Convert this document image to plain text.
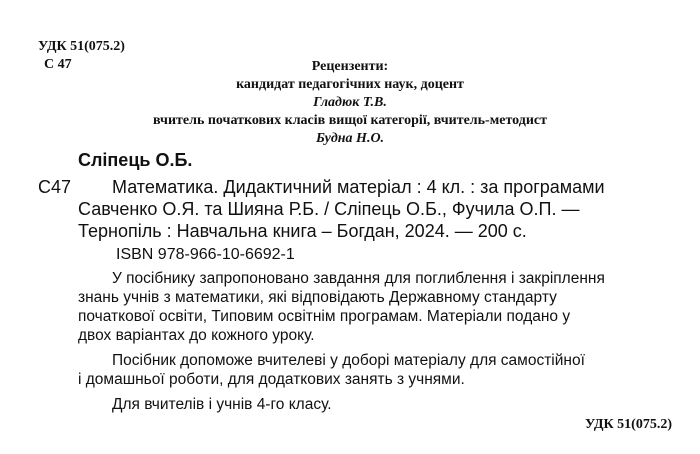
УДК 51(075.2)
С 47	Рецензенти:
кандидат педагогічних наук, доцент
Гладюк Т.В.
вчитель початкових класів вищої категорії, вчитель-методист
Будна Н.О.
Сліпець О.Б.
С47	Математика. Дидактичний матеріал : 4 кл. : за програмами
Савченко О.Я. та Шияна Р.Б. / Сліпець О.Б., Фучила О.П. —
Тернопіль : Навчальна книга – Богдан, 2024. — 200 с.
ISBN 978-966-10-6692-1
У посібнику запропоновано завдання для поглиблення і закріплення
знань учнів з математики, які відповідають Державному стандарту
початкової освіти, Типовим освітнім програмам. Матеріали подано у
двох варіантах до кожного уроку.
Посібник допоможе вчителеві у доборі матеріалу для самостійної
і домашньої роботи, для додаткових занять з учнями.
Для вчителів і учнів 4-го класу.
УДК 51(075.2)
